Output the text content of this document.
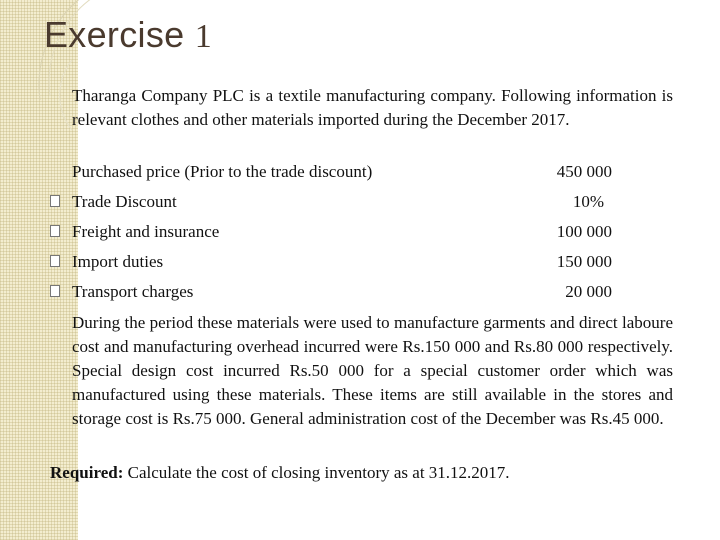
Exercise 1

Tharanga Company PLC is a textile manufacturing company. Following information is relevant clothes and other materials imported during the December 2017.

Purchased price (Prior to the trade discount)	450 000
Trade Discount	10%
Freight and insurance	100 000
Import duties	150 000
Transport charges	20 000

During the period these materials were used to manufacture garments and direct laboure cost and manufacturing overhead incurred were Rs.150 000 and Rs.80 000 respectively. Special design cost incurred Rs.50 000 for a special customer order which was manufactured using these materials. These items are still available in the stores and storage cost is Rs.75 000. General administration cost of the December was Rs.45 000.

Required: Calculate the cost of closing inventory as at 31.12.2017.
